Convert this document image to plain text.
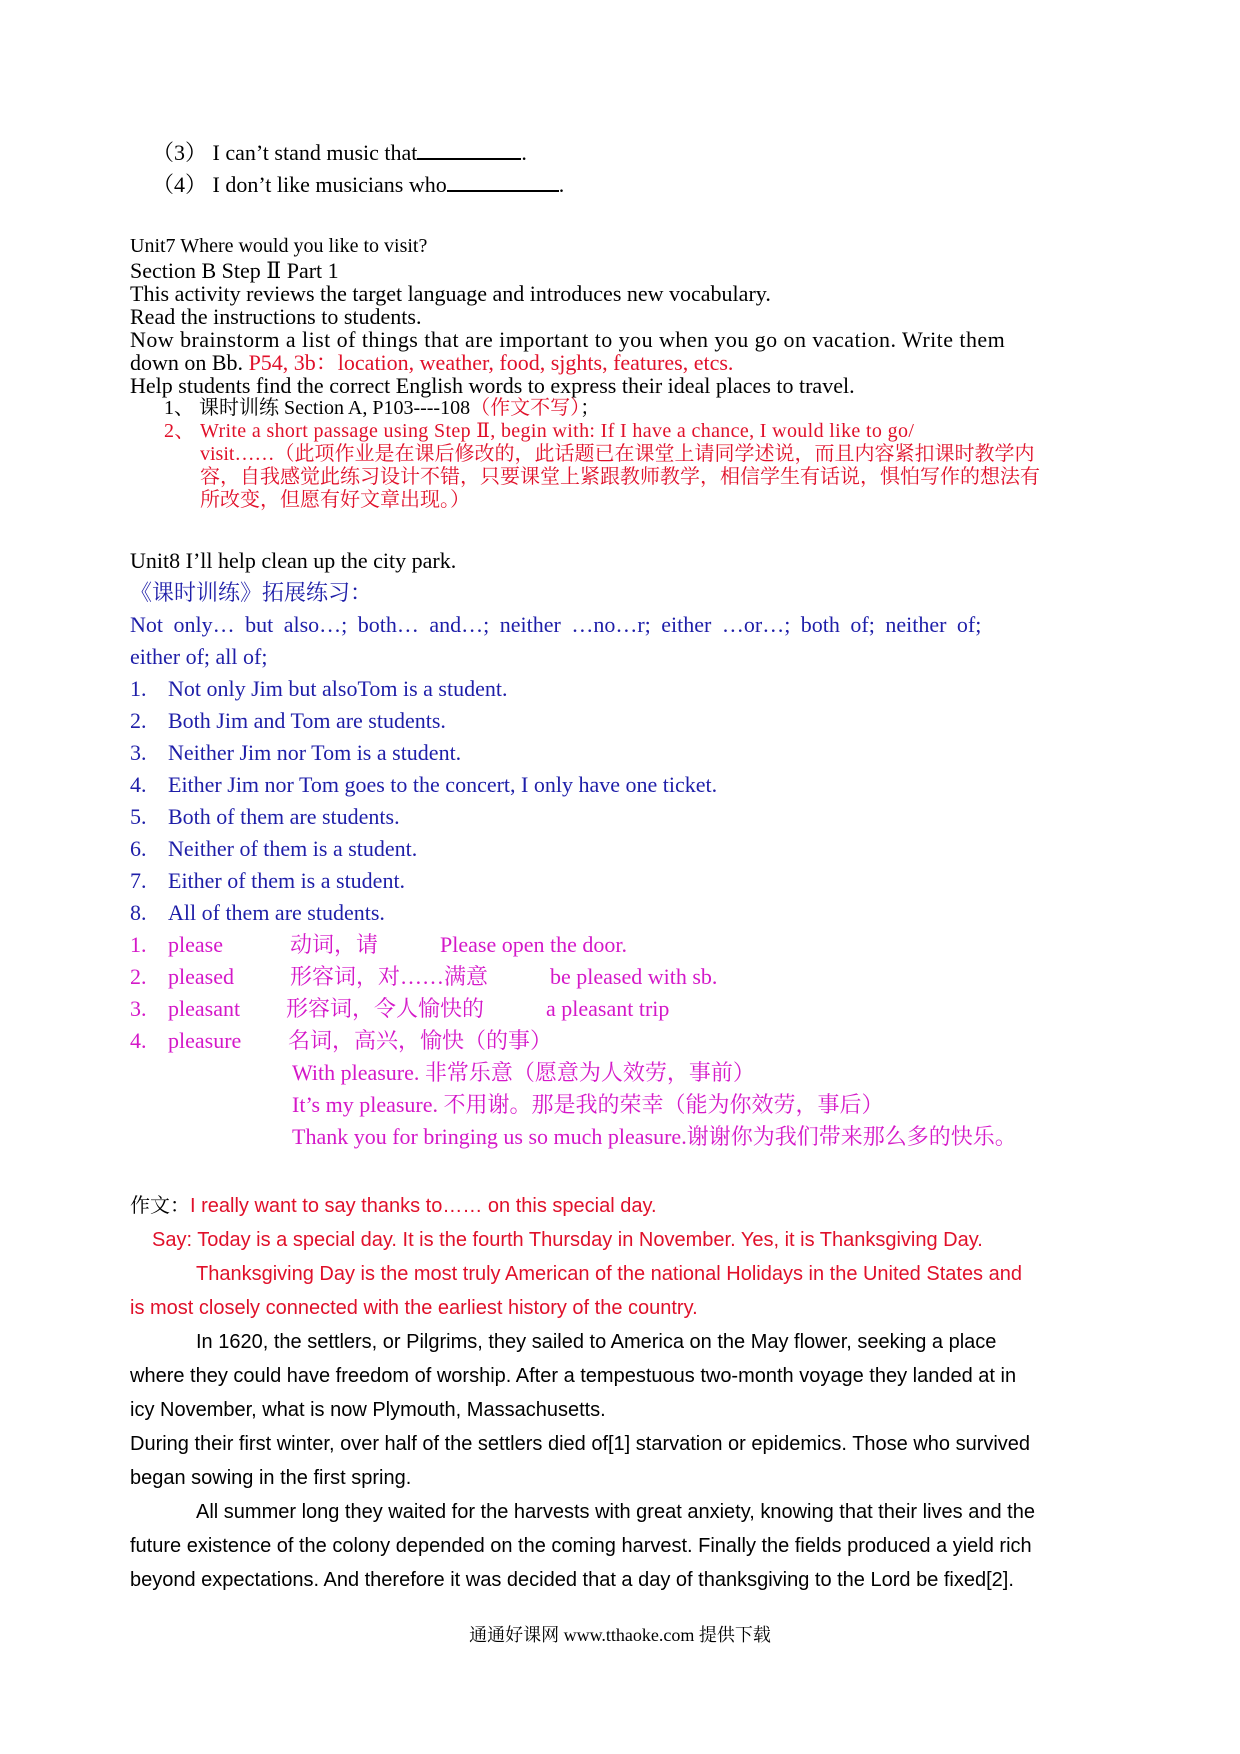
（3） I can’t stand music that	.
（4） I don’t like musicians who	.
Unit7 Where would you like to visit?
Section B Step Ⅱ Part 1
This activity reviews the target language and introduces new vocabulary.
Read the instructions to students.
Now brainstorm a list of things that are important to you when you go on vacation. Write them
down on Bb. P54, 3b：location, weather, food, sjghts, features, etcs.
Help students find the correct English words to express their ideal places to travel.
1、 课时训练 Section A, P103----108（作文不写）；
2、 Write a short passage using Step Ⅱ, begin with: If I have a chance, I would like to go/
visit……（此项作业是在课后修改的，此话题已在课堂上请同学述说，而且内容紧扣课时教学内
容，自我感觉此练习设计不错，只要课堂上紧跟教师教学，相信学生有话说，惧怕写作的想法有
所改变，但愿有好文章出现。）
Unit8 I’ll help clean up the city park.
《课时训练》拓展练习：
Not only… but also…; both… and…; neither …no…r; either …or…; both of; neither of;
either of; all of;
1. Not only Jim but alsoTom is a student.
2. Both Jim and Tom are students.
3. Neither Jim nor Tom is a student.
4. Either Jim nor Tom goes to the concert, I only have one ticket.
5. Both of them are students.
6. Neither of them is a student.
7. Either of them is a student.
8. All of them are students.
1. please	动词，请	Please open the door.
2. pleased	形容词，对……满意	be pleased with sb.
3. pleasant 形容词，令人愉快的	a pleasant trip
4. pleasure 名词，高兴，愉快（的事）
With pleasure. 非常乐意（愿意为人效劳，事前）
It’s my pleasure. 不用谢。那是我的荣幸（能为你效劳，事后）
Thank you for bringing us so much pleasure.谢谢你为我们带来那么多的快乐。
作文：I really want to say thanks to…… on this special day.
Say: Today is a special day. It is the fourth Thursday in November. Yes, it is Thanksgiving Day.
Thanksgiving Day is the most truly American of the national Holidays in the United States and
is most closely connected with the earliest history of the country.
In 1620, the settlers, or Pilgrims, they sailed to America on the May flower, seeking a place
where they could have freedom of worship. After a tempestuous two-month voyage they landed at in
icy November, what is now Plymouth, Massachusetts.
During their first winter, over half of the settlers died of[1] starvation or epidemics. Those who survived
began sowing in the first spring.
All summer long they waited for the harvests with great anxiety, knowing that their lives and the
future existence of the colony depended on the coming harvest. Finally the fields produced a yield rich
beyond expectations. And therefore it was decided that a day of thanksgiving to the Lord be fixed[2].
通通好课网 www.tthaoke.com 提供下载
